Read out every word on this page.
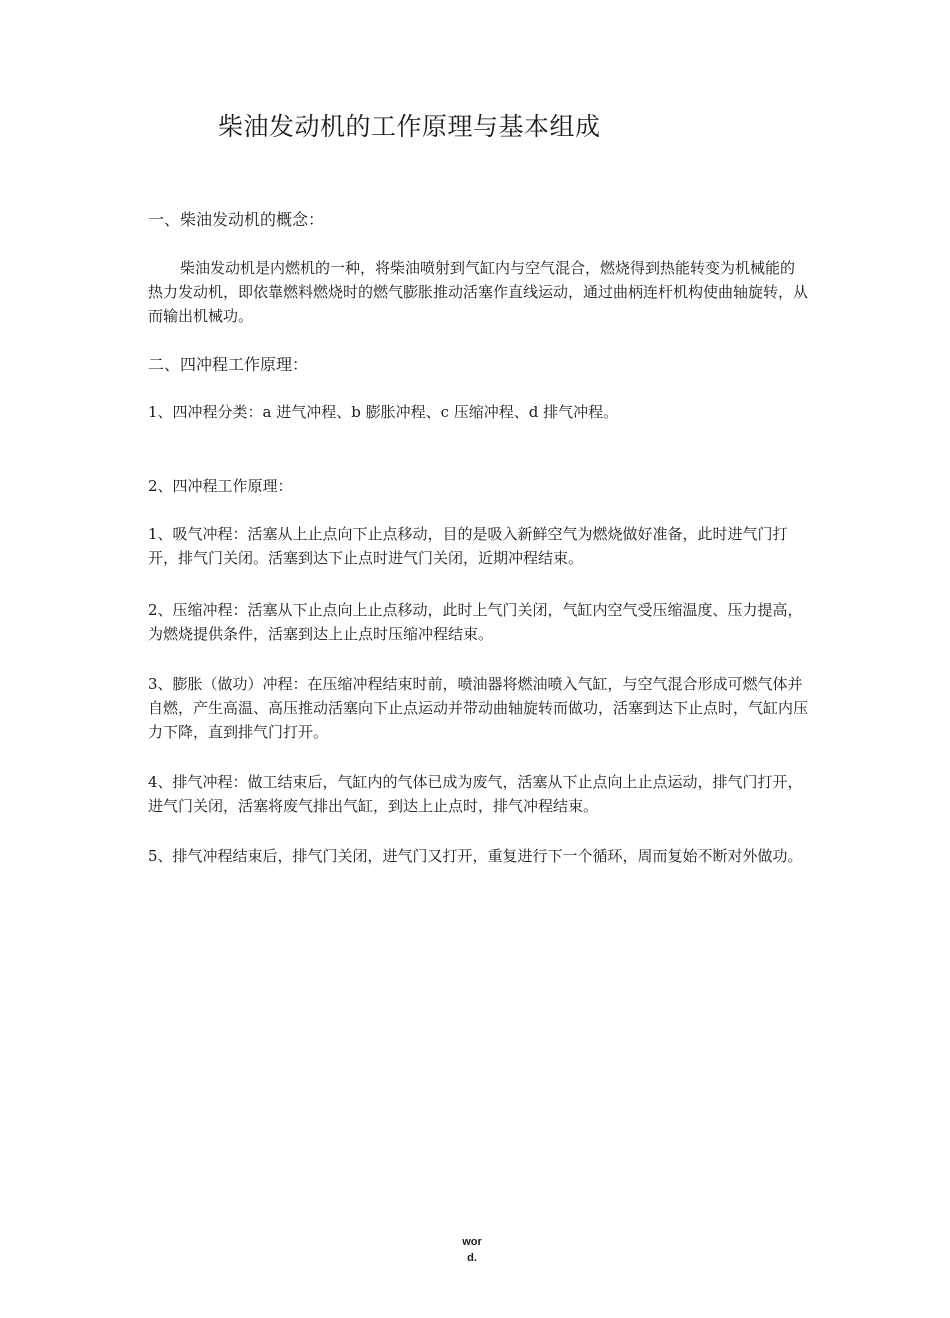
柴油发动机的工作原理与基本组成

一、柴油发动机的概念：

柴油发动机是内燃机的一种，将柴油喷射到气缸内与空气混合，燃烧得到热能转变为机械能的热力发动机，即依靠燃料燃烧时的燃气膨胀推动活塞作直线运动，通过曲柄连杆机构使曲轴旋转，从而输出机械功。

二、四冲程工作原理：

1、四冲程分类：a 进气冲程、b 膨胀冲程、c 压缩冲程、d 排气冲程。

2、四冲程工作原理：

1、吸气冲程：活塞从上止点向下止点移动，目的是吸入新鲜空气为燃烧做好准备，此时进气门打开，排气门关闭。活塞到达下止点时进气门关闭，近期冲程结束。

2、压缩冲程：活塞从下止点向上止点移动，此时上气门关闭，气缸内空气受压缩温度、压力提高，为燃烧提供条件，活塞到达上止点时压缩冲程结束。

3、膨胀（做功）冲程：在压缩冲程结束时前，喷油器将燃油喷入气缸，与空气混合形成可燃气体并自燃，产生高温、高压推动活塞向下止点运动并带动曲轴旋转而做功，活塞到达下止点时，气缸内压力下降，直到排气门打开。

4、排气冲程：做工结束后，气缸内的气体已成为废气，活塞从下止点向上止点运动，排气门打开，进气门关闭，活塞将废气排出气缸，到达上止点时，排气冲程结束。

5、排气冲程结束后，排气门关闭，进气门又打开，重复进行下一个循环，周而复始不断对外做功。

wor
d.
